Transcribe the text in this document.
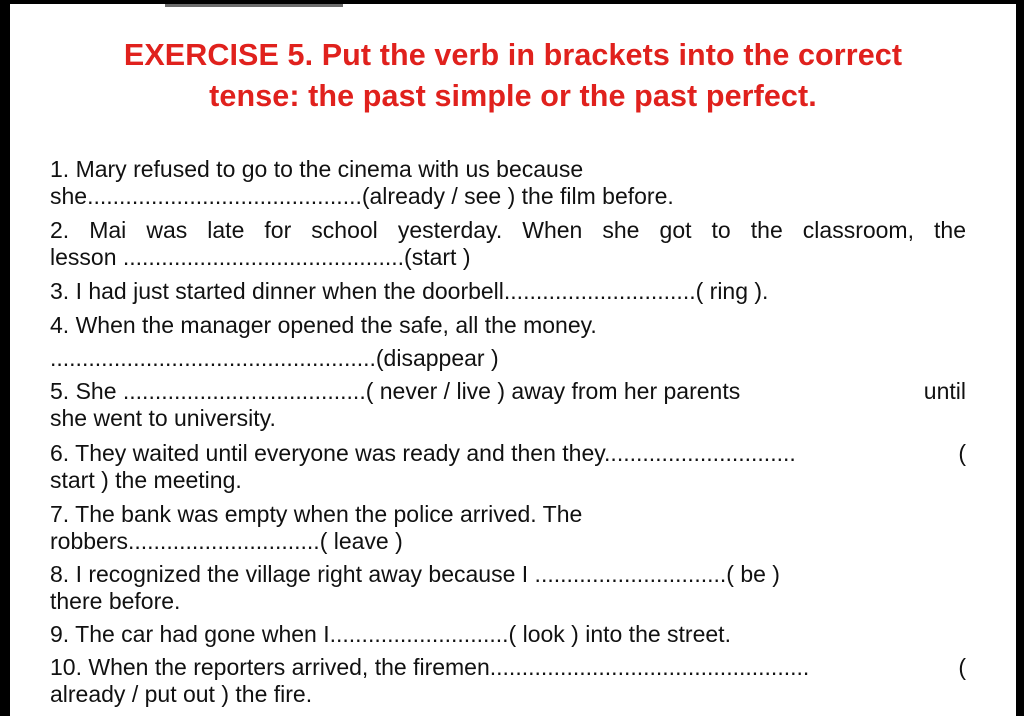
EXERCISE 5. Put the verb in brackets into the correct
tense: the past simple or the past perfect.
1. Mary refused to go to the cinema with us because
she...........................................(already / see ) the film before.
2. Mai was late for school yesterday. When she got to the classroom, the
lesson ............................................(start )
3. I had just started dinner when the doorbell..............................( ring ).
4. When the manager opened the safe, all the money.
...................................................(disappear )
5. She ......................................( never / live ) away from her parents	until
she went to university.
6. They waited until everyone was ready and then they..............................	(
start ) the meeting.
7. The bank was empty when the police arrived. The
robbers..............................( leave )
8. I recognized the village right away because I ..............................( be )
there before.
9. The car had gone when I............................( look ) into the street.
10. When the reporters arrived, the firemen..................................................	(
already / put out ) the fire.
